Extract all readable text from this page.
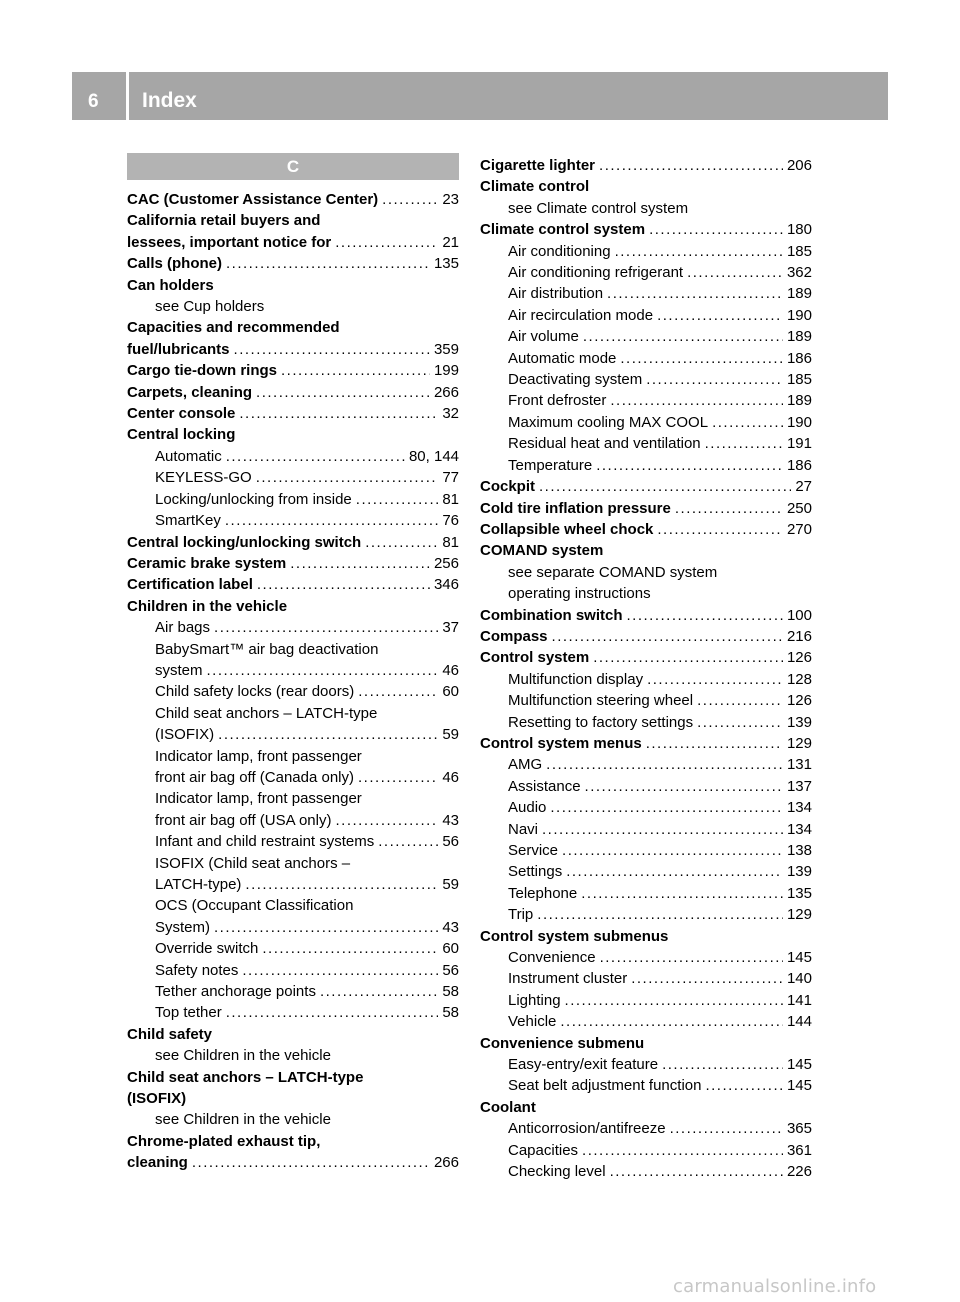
6 Index
C
CAC (Customer Assistance Center) .....	23
California retail buyers and
lessees, important notice for .....	21
Calls (phone) .....	135
Can holders
see Cup holders
Capacities and recommended
fuel/lubricants .....	359
Cargo tie-down rings .....	199
Carpets, cleaning .....	266
Center console .....	32
Central locking
Automatic .....	80, 144
KEYLESS-GO .....	77
Locking/unlocking from inside .....	81
SmartKey .....	76
Central locking/unlocking switch .....	81
Ceramic brake system .....	256
Certification label .....	346
Children in the vehicle
Air bags .....	37
BabySmart™ air bag deactivation
system .....	46
Child safety locks (rear doors) .....	60
Child seat anchors – LATCH-type
(ISOFIX) .....	59
Indicator lamp, front passenger
front air bag off (Canada only) .....	46
Indicator lamp, front passenger
front air bag off (USA only) .....	43
Infant and child restraint systems .....	56
ISOFIX (Child seat anchors –
LATCH-type) .....	59
OCS (Occupant Classification
System) .....	43
Override switch .....	60
Safety notes .....	56
Tether anchorage points .....	58
Top tether .....	58
Child safety
see Children in the vehicle
Child seat anchors – LATCH-type
(ISOFIX)
see Children in the vehicle
Chrome-plated exhaust tip,
cleaning .....	266
Cigarette lighter .....	206
Climate control
see Climate control system
Climate control system .....	180
Air conditioning .....	185
Air conditioning refrigerant .....	362
Air distribution .....	189
Air recirculation mode .....	190
Air volume .....	189
Automatic mode .....	186
Deactivating system .....	185
Front defroster .....	189
Maximum cooling MAX COOL .....	190
Residual heat and ventilation .....	191
Temperature .....	186
Cockpit .....	27
Cold tire inflation pressure .....	250
Collapsible wheel chock .....	270
COMAND system
see separate COMAND system
operating instructions
Combination switch .....	100
Compass .....	216
Control system .....	126
Multifunction display .....	128
Multifunction steering wheel .....	126
Resetting to factory settings .....	139
Control system menus .....	129
AMG .....	131
Assistance .....	137
Audio .....	134
Navi .....	134
Service .....	138
Settings .....	139
Telephone .....	135
Trip .....	129
Control system submenus
Convenience .....	145
Instrument cluster .....	140
Lighting .....	141
Vehicle .....	144
Convenience submenu
Easy-entry/exit feature .....	145
Seat belt adjustment function .....	145
Coolant
Anticorrosion/antifreeze .....	365
Capacities .....	361
Checking level .....	226
carmanualsonline.info
